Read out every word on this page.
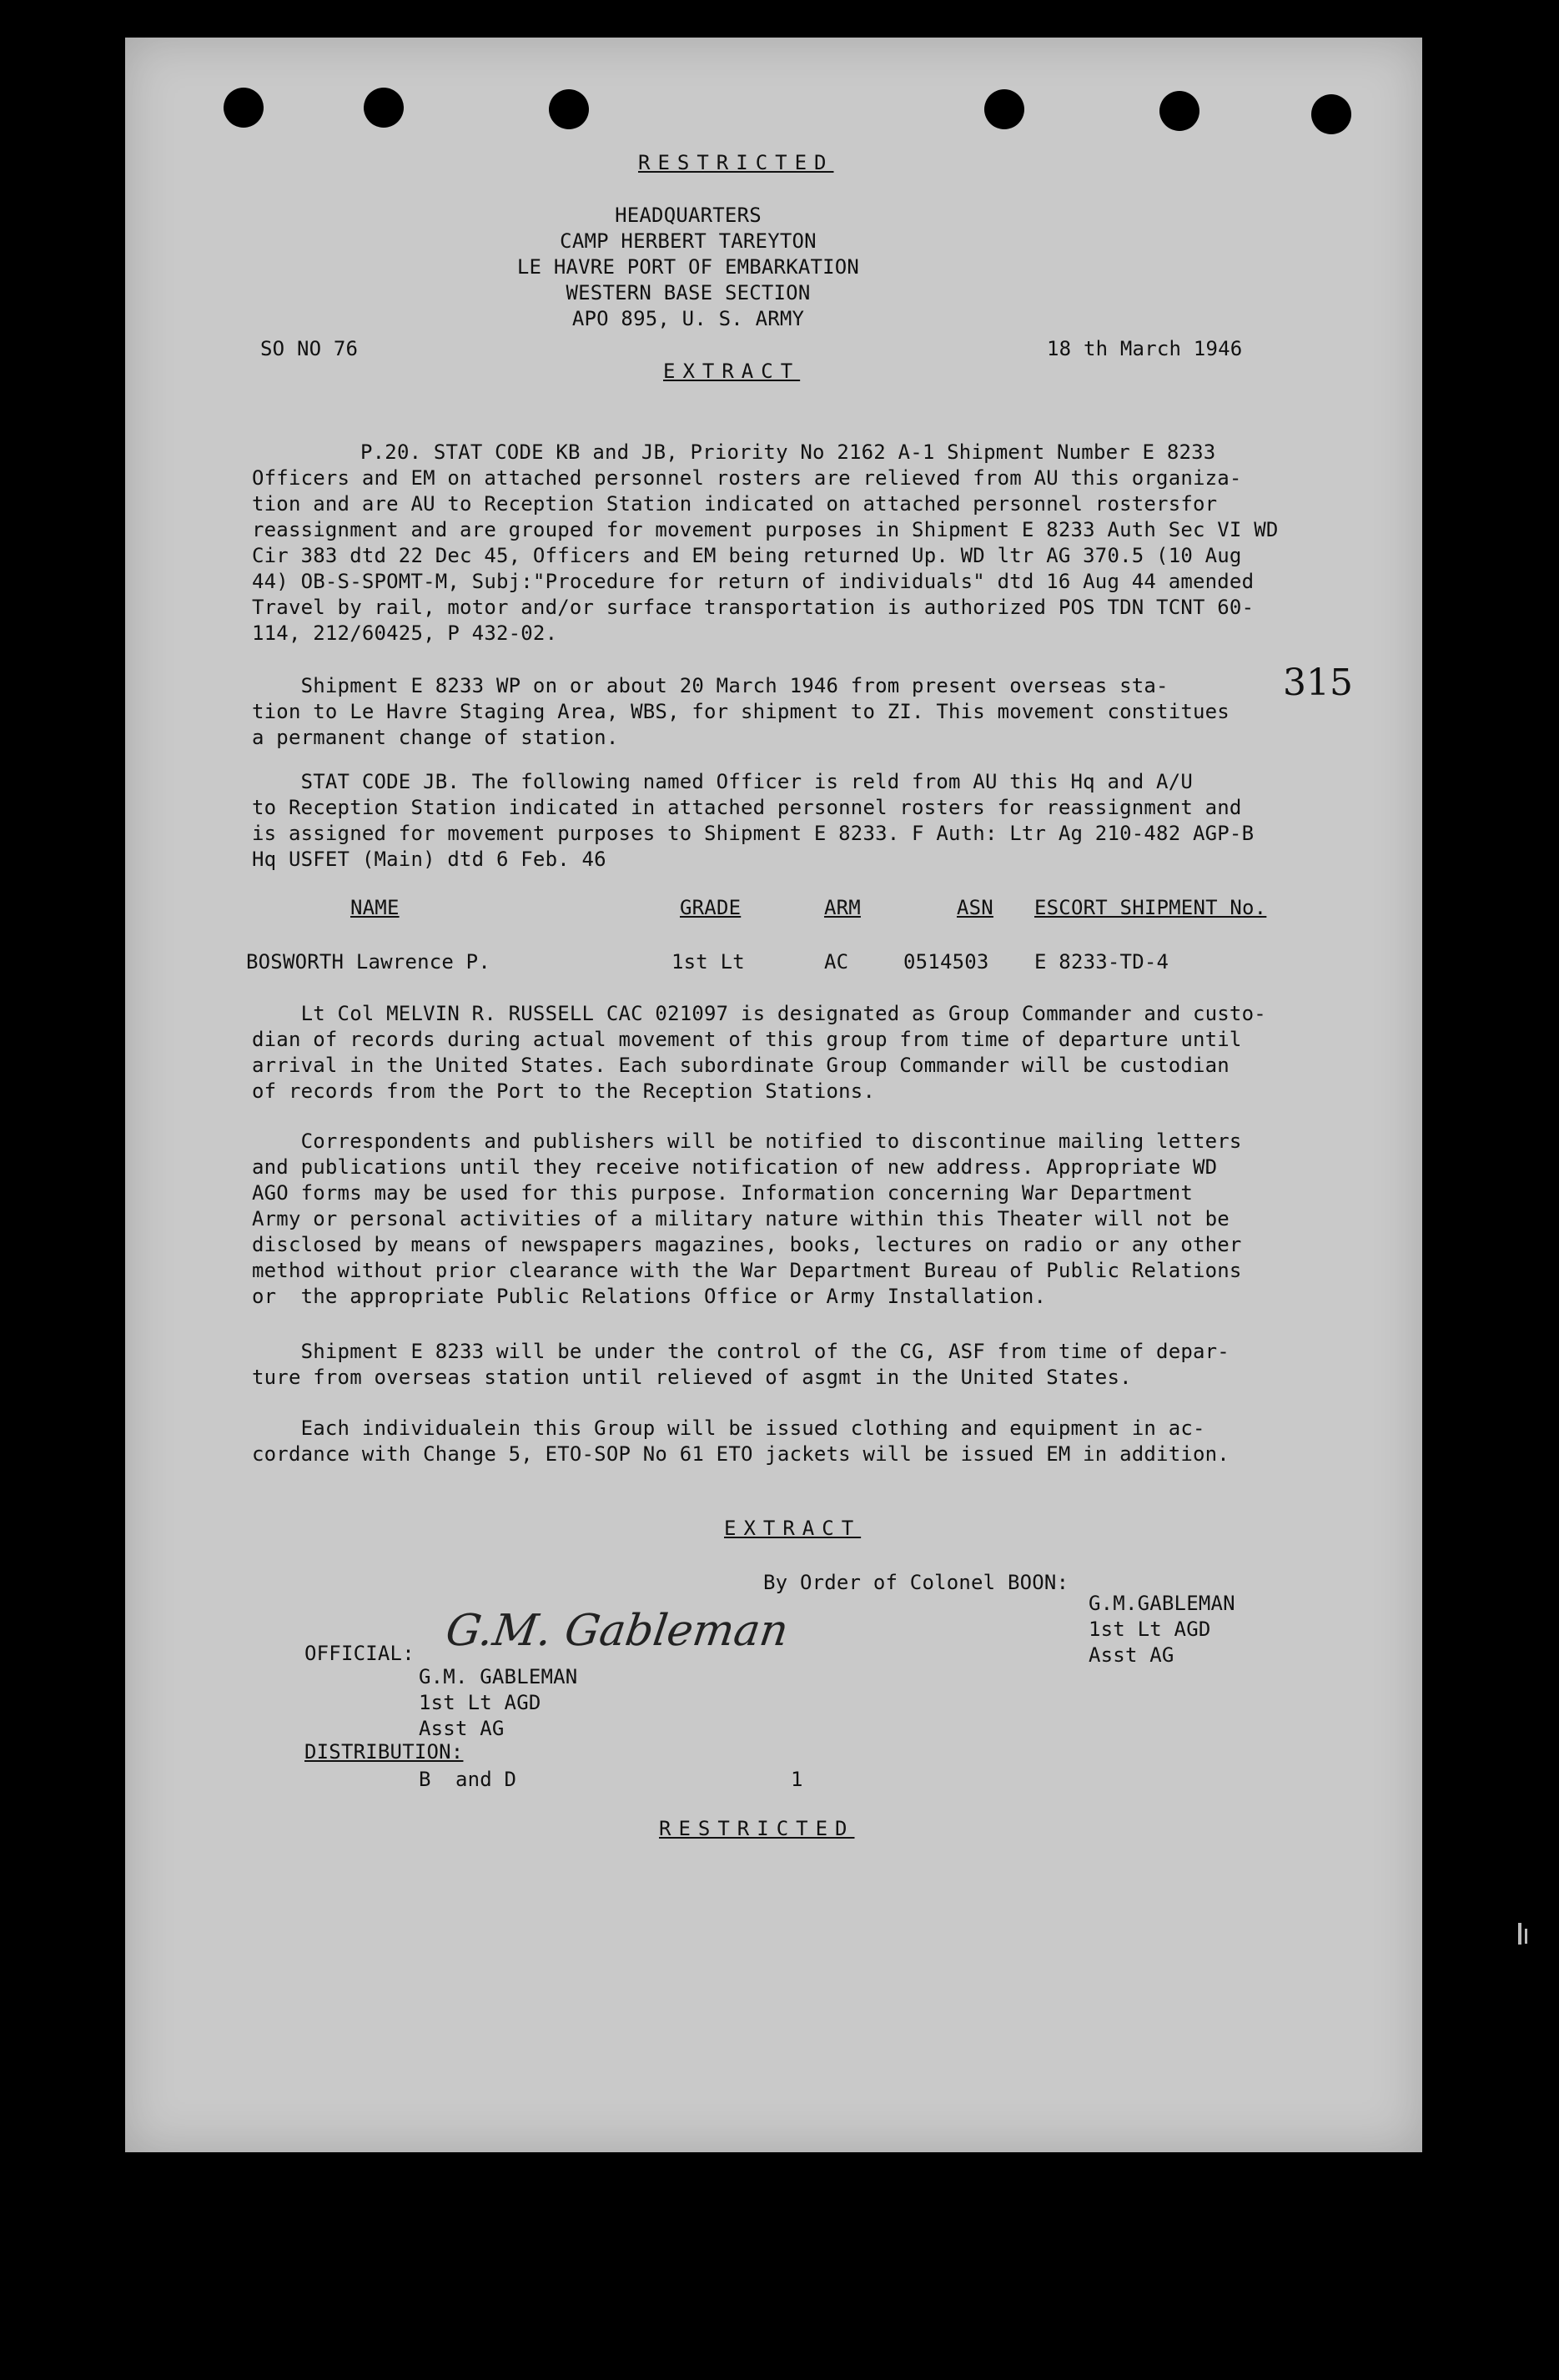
RESTRICTED
HEADQUARTERS
CAMP HERBERT TAREYTON
LE HAVRE PORT OF EMBARKATION
WESTERN BASE SECTION
APO 895, U. S. ARMY
SO NO 76	18 th March 1946
EXTRACT
P.20. STAT CODE KB and JB, Priority No 2162 A-1 Shipment Number E 8233
Officers and EM on attached personnel rosters are relieved from AU this organiza-
tion and are AU to Reception Station indicated on attached personnel rostersfor
reassignment and are grouped for movement purposes in Shipment E 8233 Auth Sec VI WD
Cir 383 dtd 22 Dec 45, Officers and EM being returned Up. WD ltr AG 370.5 (10 Aug
44) OB-S-SPOMT-M, Subj:"Procedure for return of individuals" dtd 16 Aug 44 amended
Travel by rail, motor and/or surface transportation is authorized POS TDN TCNT 60-
114, 212/60425, P 432-02.
Shipment E 8233 WP on or about 20 March 1946 from present overseas sta-
tion to Le Havre Staging Area, WBS, for shipment to ZI. This movement constitues
a permanent change of station.
315
STAT CODE JB. The following named Officer is reld from AU this Hq and A/U
to Reception Station indicated in attached personnel rosters for reassignment and
is assigned for movement purposes to Shipment E 8233. F Auth: Ltr Ag 210-482 AGP-B
Hq USFET (Main) dtd 6 Feb. 46
NAME	GRADE	ARM	ASN ESCORT SHIPMENT No.
BOSWORTH Lawrence P.	1st Lt	AC	0514503 E 8233-TD-4
Lt Col MELVIN R. RUSSELL CAC 021097 is designated as Group Commander and custo-
dian of records during actual movement of this group from time of departure until
arrival in the United States. Each subordinate Group Commander will be custodian
of records from the Port to the Reception Stations.
Correspondents and publishers will be notified to discontinue mailing letters
and publications until they receive notification of new address. Appropriate WD
AGO forms may be used for this purpose. Information concerning War Department
Army or personal activities of a military nature within this Theater will not be
disclosed by means of newspapers magazines, books, lectures on radio or any other
method without prior clearance with the War Department Bureau of Public Relations
or  the appropriate Public Relations Office or Army Installation.
Shipment E 8233 will be under the control of the CG, ASF from time of depar-
ture from overseas station until relieved of asgmt in the United States.
Each individualein this Group will be issued clothing and equipment in ac-
cordance with Change 5, ETO-SOP No 61 ETO jackets will be issued EM in addition.
EXTRACT
By Order of Colonel BOON:
G.M.GABLEMAN
1st Lt AGD
Asst AG
OFFICIAL: G.M. Gableman
G.M. GABLEMAN
1st Lt AGD
Asst AG
DISTRIBUTION:
B  and D	1
RESTRICTED
